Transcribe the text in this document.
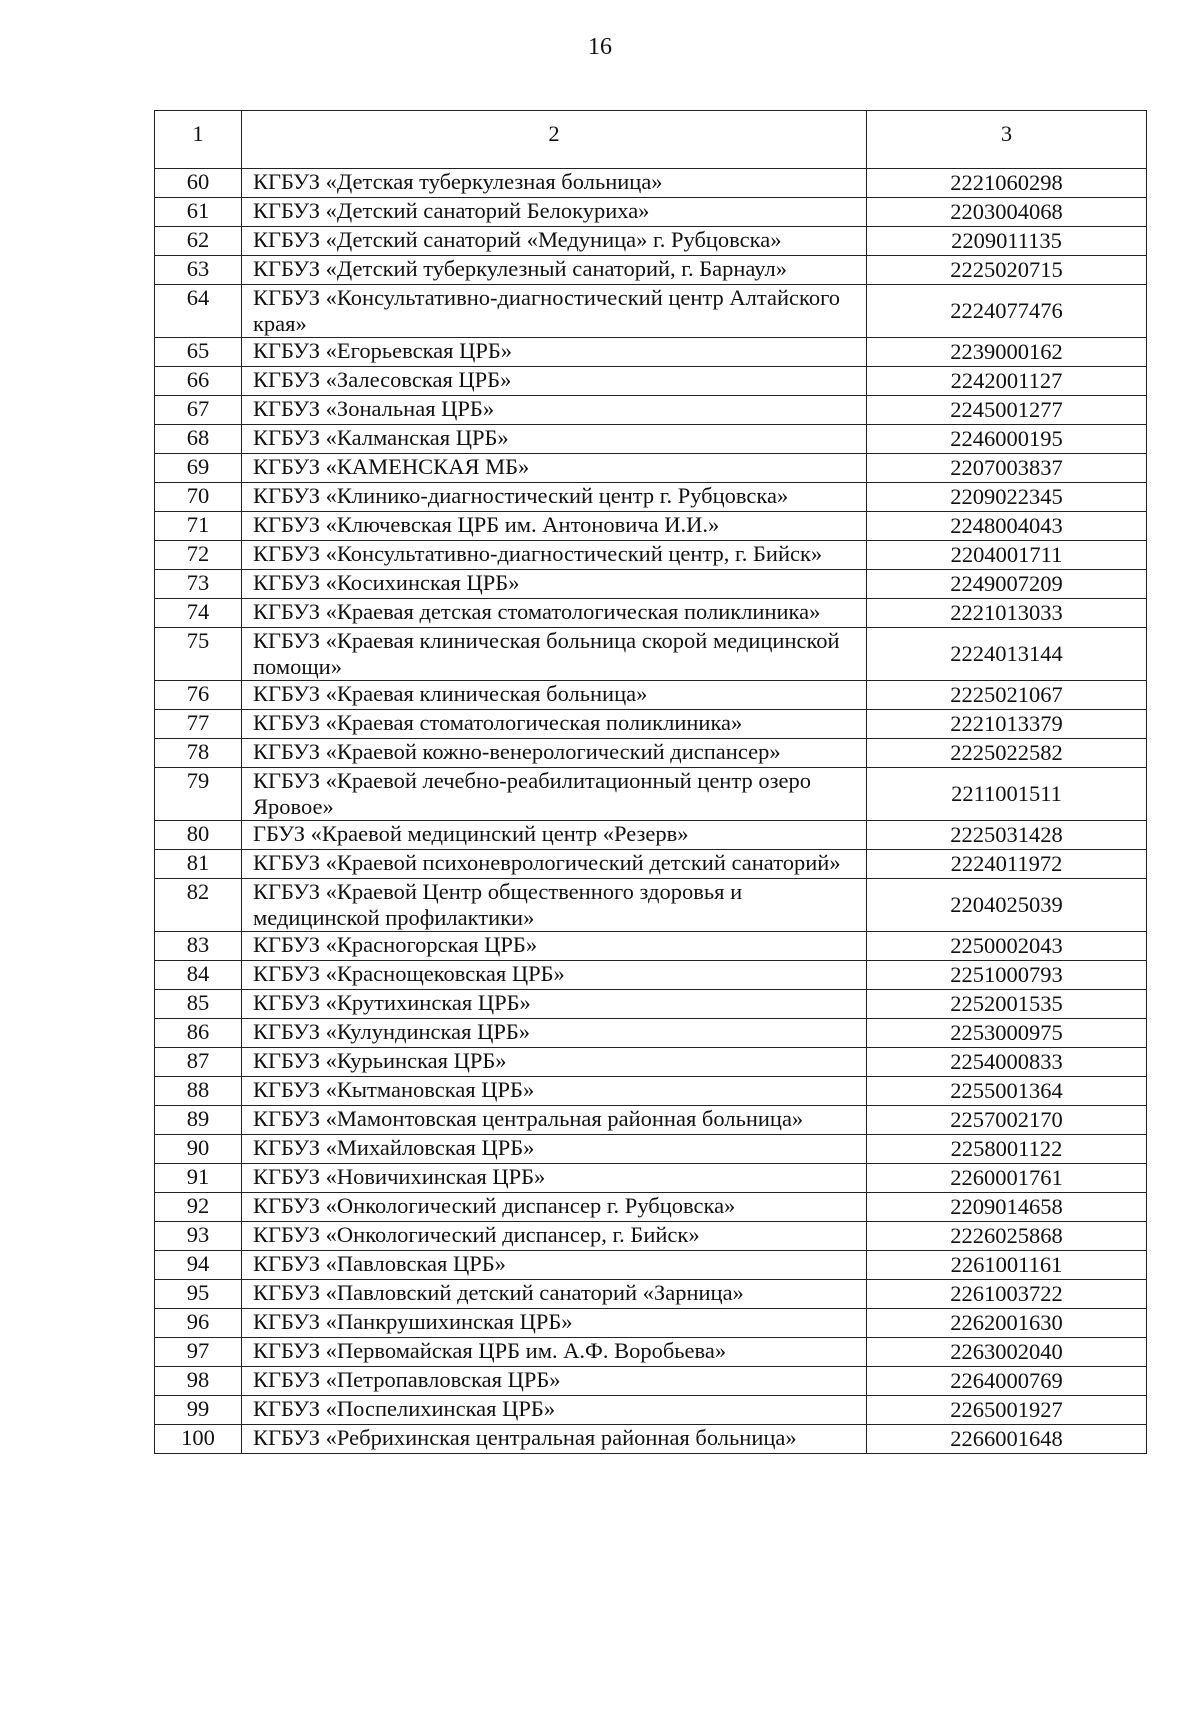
16
1	2	3
60	КГБУЗ «Детская туберкулезная больница»	2221060298
61	КГБУЗ «Детский санаторий Белокуриха»	2203004068
62	КГБУЗ «Детский санаторий «Медуница» г. Рубцовска»	2209011135
63	КГБУЗ «Детский туберкулезный санаторий, г. Барнаул»	2225020715
64	КГБУЗ «Консультативно-диагностический центр Алтайского края»	2224077476
65	КГБУЗ «Егорьевская ЦРБ»	2239000162
66	КГБУЗ «Залесовская ЦРБ»	2242001127
67	КГБУЗ «Зональная ЦРБ»	2245001277
68	КГБУЗ «Калманская ЦРБ»	2246000195
69	КГБУЗ «КАМЕНСКАЯ МБ»	2207003837
70	КГБУЗ «Клинико-диагностический центр г. Рубцовска»	2209022345
71	КГБУЗ «Ключевская ЦРБ им. Антоновича И.И.»	2248004043
72	КГБУЗ «Консультативно-диагностический центр, г. Бийск»	2204001711
73	КГБУЗ «Косихинская ЦРБ»	2249007209
74	КГБУЗ «Краевая детская стоматологическая поликлиника»	2221013033
75	КГБУЗ «Краевая клиническая больница скорой медицинской помощи»	2224013144
76	КГБУЗ «Краевая клиническая больница»	2225021067
77	КГБУЗ «Краевая стоматологическая поликлиника»	2221013379
78	КГБУЗ «Краевой кожно-венерологический диспансер»	2225022582
79	КГБУЗ «Краевой лечебно-реабилитационный центр озеро Яровое»	2211001511
80	ГБУЗ «Краевой медицинский центр «Резерв»	2225031428
81	КГБУЗ «Краевой психоневрологический детский санаторий»	2224011972
82	КГБУЗ «Краевой Центр общественного здоровья и медицинской профилактики»	2204025039
83	КГБУЗ «Красногорская ЦРБ»	2250002043
84	КГБУЗ «Краснощековская ЦРБ»	2251000793
85	КГБУЗ «Крутихинская ЦРБ»	2252001535
86	КГБУЗ «Кулундинская ЦРБ»	2253000975
87	КГБУЗ «Курьинская ЦРБ»	2254000833
88	КГБУЗ «Кытмановская ЦРБ»	2255001364
89	КГБУЗ «Мамонтовская центральная районная больница»	2257002170
90	КГБУЗ «Михайловская ЦРБ»	2258001122
91	КГБУЗ «Новичихинская ЦРБ»	2260001761
92	КГБУЗ «Онкологический диспансер г. Рубцовска»	2209014658
93	КГБУЗ «Онкологический диспансер, г. Бийск»	2226025868
94	КГБУЗ «Павловская ЦРБ»	2261001161
95	КГБУЗ «Павловский детский санаторий «Зарница»	2261003722
96	КГБУЗ «Панкрушихинская ЦРБ»	2262001630
97	КГБУЗ «Первомайская ЦРБ им. А.Ф. Воробьева»	2263002040
98	КГБУЗ «Петропавловская ЦРБ»	2264000769
99	КГБУЗ «Поспелихинская ЦРБ»	2265001927
100	КГБУЗ «Ребрихинская центральная районная больница»	2266001648
